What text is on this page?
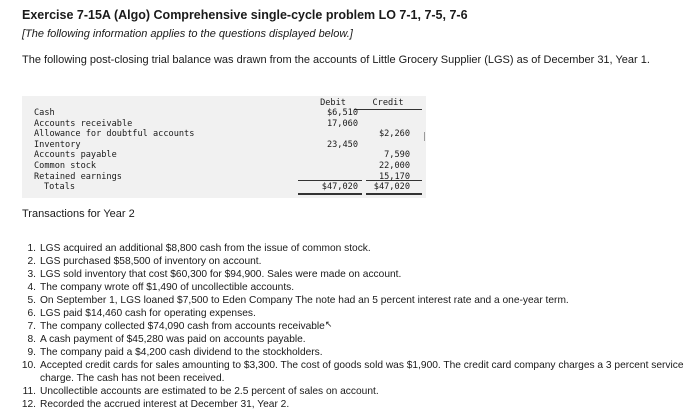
Exercise 7-15A (Algo) Comprehensive single-cycle problem LO 7-1, 7-5, 7-6
[The following information applies to the questions displayed below.]
The following post-closing trial balance was drawn from the accounts of Little Grocery Supplier (LGS) as of December 31, Year 1.
Debit	Credit
Cash
Accounts receivable
Allowance for doubtful accounts
Inventory
Accounts payable
Common stock
Retained earnings
Totals
$6,510
17,060
23,450
$47,020
$2,260
7,590
22,000
15,170
$47,020
Transactions for Year 2
1. LGS acquired an additional $8,800 cash from the issue of common stock.
2. LGS purchased $58,500 of inventory on account.
3. LGS sold inventory that cost $60,300 for $94,900. Sales were made on account.
4. The company wrote off $1,490 of uncollectible accounts.
5. On September 1, LGS loaned $7,500 to Eden Company The note had an 5 percent interest rate and a one-year term.
6. LGS paid $14,460 cash for operating expenses.
7. The company collected $74,090 cash from accounts receivable↖
8. A cash payment of $45,280 was paid on accounts payable.
9. The company paid a $4,200 cash dividend to the stockholders.
10. Accepted credit cards for sales amounting to $3,300. The cost of goods sold was $1,900. The credit card company charges a 3 percent service charge. The cash has not been received.
11. Uncollectible accounts are estimated to be 2.5 percent of sales on account.
12. Recorded the accrued interest at December 31, Year 2.
